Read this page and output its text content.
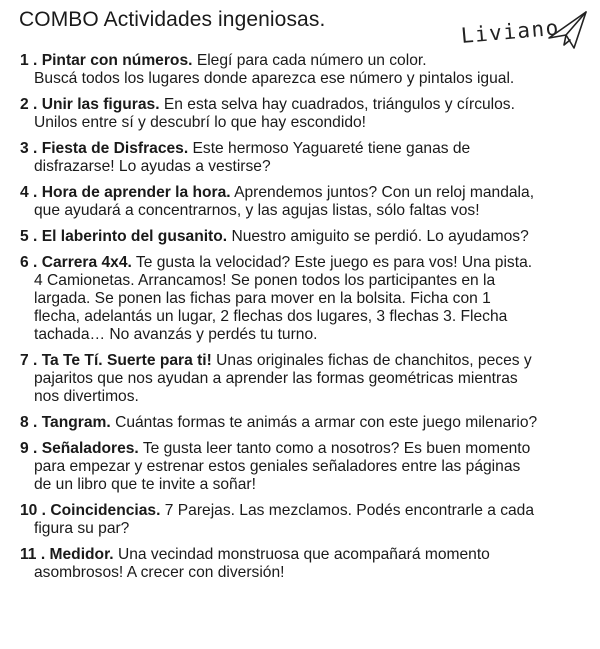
COMBO Actividades ingeniosas.	Liviano
1 . Pintar con números. Elegí para cada número un color.
Buscá todos los lugares donde aparezca ese número y pintalos igual.
2 . Unir las figuras. En esta selva hay cuadrados, triángulos y círculos.
Unilos entre sí y descubrí lo que hay escondido!
3 . Fiesta de Disfraces. Este hermoso Yaguareté tiene ganas de
disfrazarse! Lo ayudas a vestirse?
4 . Hora de aprender la hora. Aprendemos juntos? Con un reloj mandala,
que ayudará a concentrarnos, y las agujas listas, sólo faltas vos!
5 . El laberinto del gusanito. Nuestro amiguito se perdió. Lo ayudamos?
6 . Carrera 4x4. Te gusta la velocidad? Este juego es para vos! Una pista.
4 Camionetas. Arrancamos! Se ponen todos los participantes en la
largada. Se ponen las fichas para mover en la bolsita. Ficha con 1
flecha, adelantás un lugar, 2 flechas dos lugares, 3 flechas 3. Flecha
tachada… No avanzás y perdés tu turno.
7 . Ta Te Tí. Suerte para ti! Unas originales fichas de chanchitos, peces y
pajaritos que nos ayudan a aprender las formas geométricas mientras
nos divertimos.
8 . Tangram. Cuántas formas te animás a armar con este juego milenario?
9 . Señaladores. Te gusta leer tanto como a nosotros? Es buen momento
para empezar y estrenar estos geniales señaladores entre las páginas
de un libro que te invite a soñar!
10 . Coincidencias. 7 Parejas. Las mezclamos. Podés encontrarle a cada
figura su par?
11 . Medidor. Una vecindad monstruosa que acompañará momento
asombrosos! A crecer con diversión!
